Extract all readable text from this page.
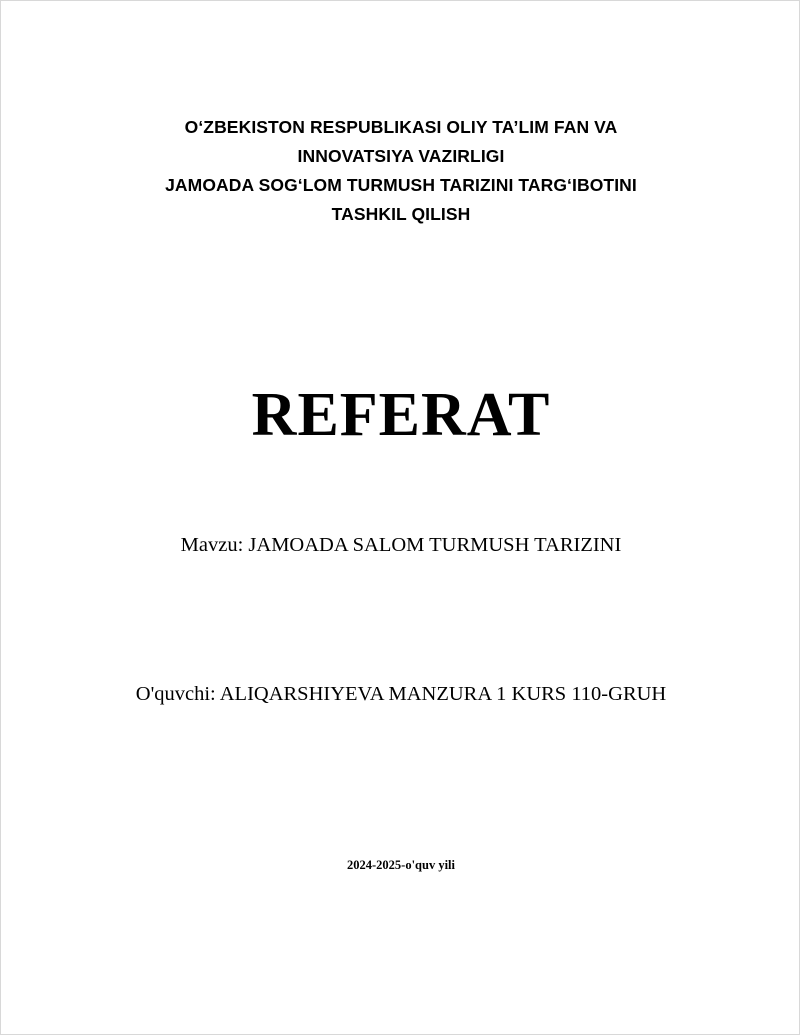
O‘ZBEKISTON RESPUBLIKASI OLIY TA’LIM FAN VA
INNOVATSIYA VAZIRLIGI
JAMOADA SOG‘LOM TURMUSH TARIZINI TARG‘IBOTINI
TASHKIL QILISH
REFERAT
Mavzu: JAMOADA SALOM TURMUSH TARIZINI
O'quvchi: ALIQARSHIYEVA MANZURA 1 KURS 110-GRUH
2024-2025-o'quv yili
